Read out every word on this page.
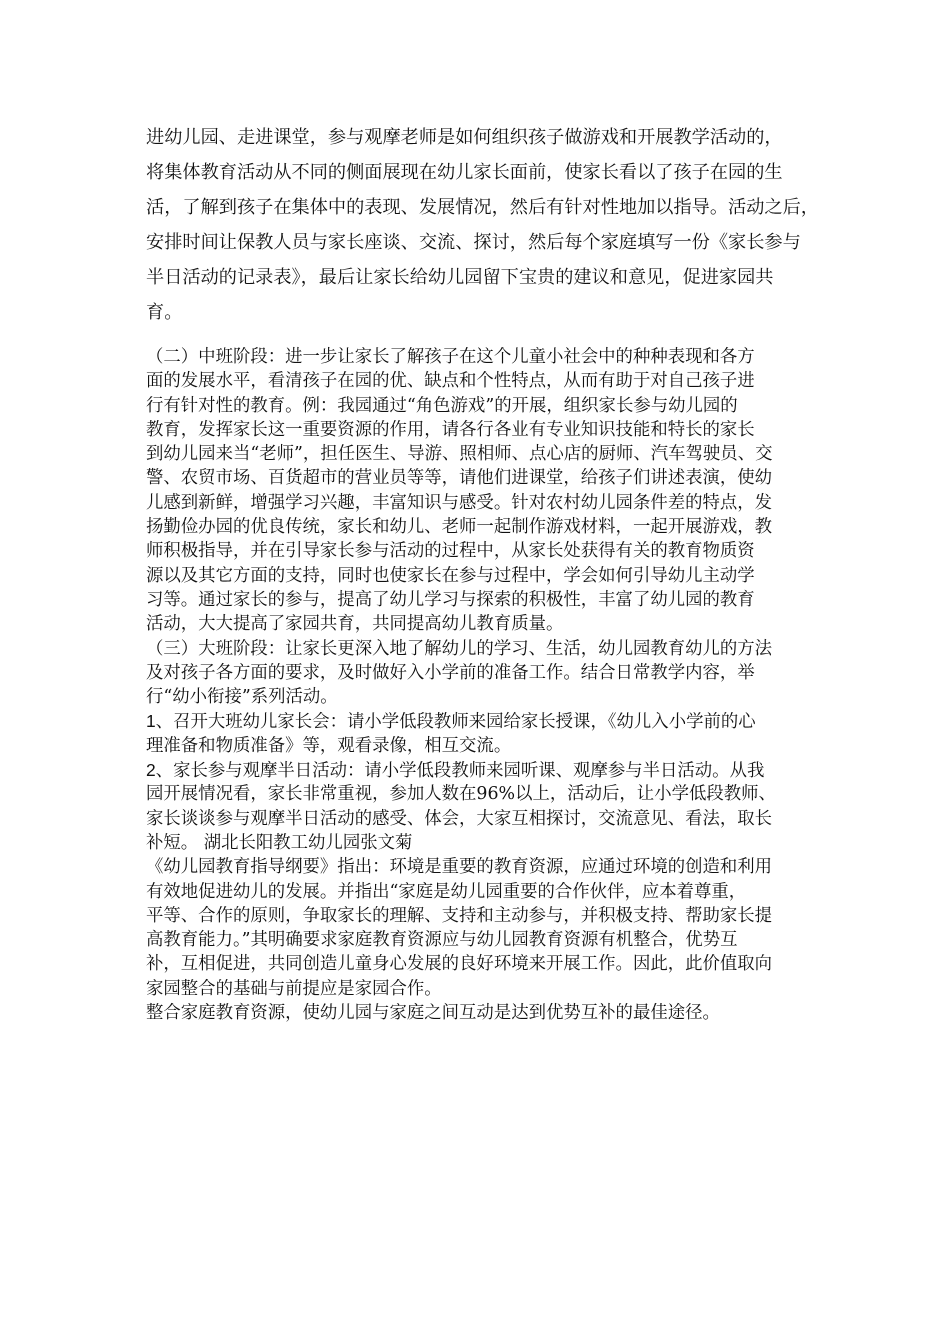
进幼儿园、走进课堂，参与观摩老师是如何组织孩子做游戏和开展教学活动的，
将集体教育活动从不同的侧面展现在幼儿家长面前，使家长看以了孩子在园的生
活，了解到孩子在集体中的表现、发展情况，然后有针对性地加以指导。活动之后，
安排时间让保教人员与家长座谈、交流、探讨，然后每个家庭填写一份《家长参与
半日活动的记录表》，最后让家长给幼儿园留下宝贵的建议和意见，促进家园共
育。
（二）中班阶段：进一步让家长了解孩子在这个儿童小社会中的种种表现和各方
面的发展水平，看清孩子在园的优、缺点和个性特点，从而有助于对自己孩子进
行有针对性的教育。例：我园通过“角色游戏”的开展，组织家长参与幼儿园的
教育，发挥家长这一重要资源的作用，请各行各业有专业知识技能和特长的家长
到幼儿园来当“老师”，担任医生、导游、照相师、点心店的厨师、汽车驾驶员、交
警、农贸市场、百货超市的营业员等等，请他们进课堂，给孩子们讲述表演，使幼
儿感到新鲜，增强学习兴趣，丰富知识与感受。针对农村幼儿园条件差的特点，发
扬勤俭办园的优良传统，家长和幼儿、老师一起制作游戏材料，一起开展游戏，教
师积极指导，并在引导家长参与活动的过程中，从家长处获得有关的教育物质资
源以及其它方面的支持，同时也使家长在参与过程中，学会如何引导幼儿主动学
习等。通过家长的参与，提高了幼儿学习与探索的积极性，丰富了幼儿园的教育
活动，大大提高了家园共育，共同提高幼儿教育质量。
（三）大班阶段：让家长更深入地了解幼儿的学习、生活，幼儿园教育幼儿的方法
及对孩子各方面的要求，及时做好入小学前的准备工作。结合日常教学内容，举
行“幼小衔接”系列活动。
1、召开大班幼儿家长会：请小学低段教师来园给家长授课，《幼儿入小学前的心
理准备和物质准备》等，观看录像，相互交流。
2、家长参与观摩半日活动：请小学低段教师来园听课、观摩参与半日活动。从我
园开展情况看，家长非常重视，参加人数在96%以上，活动后，让小学低段教师、
家长谈谈参与观摩半日活动的感受、体会，大家互相探讨，交流意见、看法，取长
补短。 湖北长阳教工幼儿园张文菊
《幼儿园教育指导纲要》指出：环境是重要的教育资源，应通过环境的创造和利用
有效地促进幼儿的发展。并指出“家庭是幼儿园重要的合作伙伴，应本着尊重，
平等、合作的原则，争取家长的理解、支持和主动参与，并积极支持、帮助家长提
高教育能力。”其明确要求家庭教育资源应与幼儿园教育资源有机整合，优势互
补，互相促进，共同创造儿童身心发展的良好环境来开展工作。因此，此价值取向
家园整合的基础与前提应是家园合作。
整合家庭教育资源，使幼儿园与家庭之间互动是达到优势互补的最佳途径。
